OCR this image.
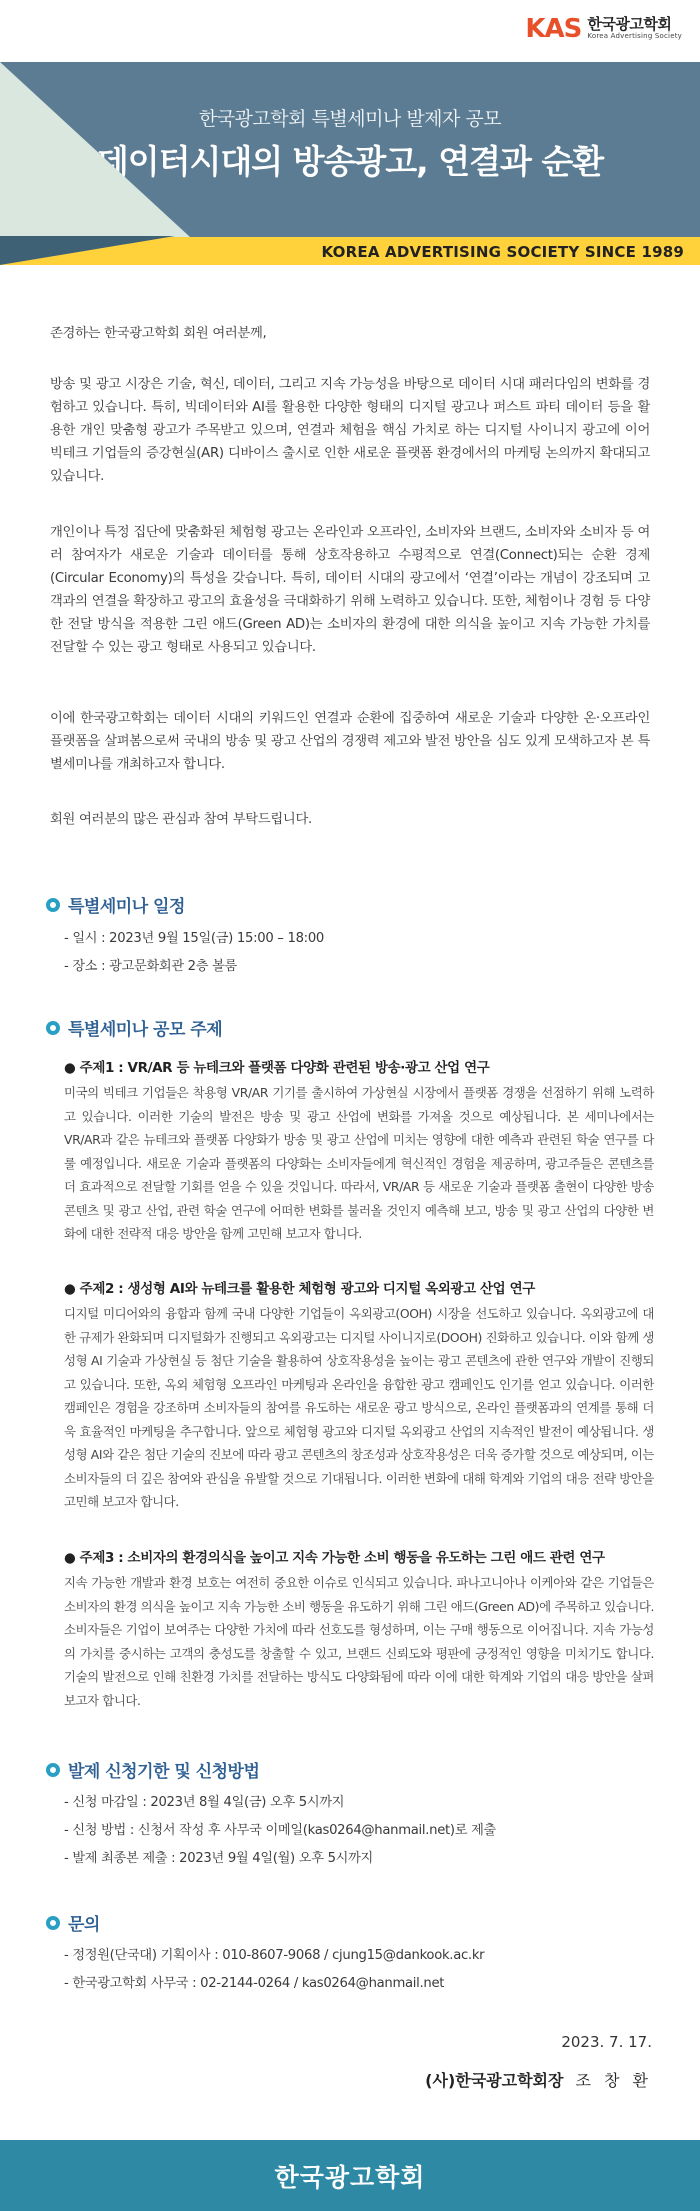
KAS 한국광고학회
Korea Advertising Society
한국광고학회 특별세미나 발제자 공모
데이터시대의 방송광고, 연결과 순환
KOREA ADVERTISING SOCIETY SINCE 1989
존경하는 한국광고학회 회원 여러분께,
방송 및 광고 시장은 기술, 혁신, 데이터, 그리고 지속 가능성을 바탕으로 데이터 시대 패러다임의 변화를 경험하고 있습니다. 특히, 빅데이터와 AI를 활용한 다양한 형태의 디지털 광고나 퍼스트 파티 데이터 등을 활용한 개인 맞춤형 광고가 주목받고 있으며, 연결과 체험을 핵심 가치로 하는 디지털 사이니지 광고에 이어 빅테크 기업들의 증강현실(AR) 디바이스 출시로 인한 새로운 플랫폼 환경에서의 마케팅 논의까지 확대되고 있습니다.
개인이나 특정 집단에 맞춤화된 체험형 광고는 온라인과 오프라인, 소비자와 브랜드, 소비자와 소비자 등 여러 참여자가 새로운 기술과 데이터를 통해 상호작용하고 수평적으로 연결(Connect)되는 순환 경제(Circular Economy)의 특성을 갖습니다. 특히, 데이터 시대의 광고에서 ‘연결’이라는 개념이 강조되며 고객과의 연결을 확장하고 광고의 효율성을 극대화하기 위해 노력하고 있습니다. 또한, 체험이나 경험 등 다양한 전달 방식을 적용한 그린 애드(Green AD)는 소비자의 환경에 대한 의식을 높이고 지속 가능한 가치를 전달할 수 있는 광고 형태로 사용되고 있습니다.
이에 한국광고학회는 데이터 시대의 키워드인 연결과 순환에 집중하여 새로운 기술과 다양한 온·오프라인 플랫폼을 살펴봄으로써 국내의 방송 및 광고 산업의 경쟁력 제고와 발전 방안을 심도 있게 모색하고자 본 특별세미나를 개최하고자 합니다.
회원 여러분의 많은 관심과 참여 부탁드립니다.
특별세미나 일정
- 일시 : 2023년 9월 15일(금) 15:00 – 18:00
- 장소 : 광고문화회관 2층 볼룸
특별세미나 공모 주제
● 주제1 : VR/AR 등 뉴테크와 플랫폼 다양화 관련된 방송·광고 산업 연구
미국의 빅테크 기업들은 착용형 VR/AR 기기를 출시하여 가상현실 시장에서 플랫폼 경쟁을 선점하기 위해 노력하고 있습니다. 이러한 기술의 발전은 방송 및 광고 산업에 변화를 가져올 것으로 예상됩니다. 본 세미나에서는 VR/AR과 같은 뉴테크와 플랫폼 다양화가 방송 및 광고 산업에 미치는 영향에 대한 예측과 관련된 학술 연구를 다룰 예정입니다. 새로운 기술과 플랫폼의 다양화는 소비자들에게 혁신적인 경험을 제공하며, 광고주들은 콘텐츠를 더 효과적으로 전달할 기회를 얻을 수 있을 것입니다. 따라서, VR/AR 등 새로운 기술과 플랫폼 출현이 다양한 방송 콘텐츠 및 광고 산업, 관련 학술 연구에 어떠한 변화를 불러올 것인지 예측해 보고, 방송 및 광고 산업의 다양한 변화에 대한 전략적 대응 방안을 함께 고민해 보고자 합니다.
● 주제2 : 생성형 AI와 뉴테크를 활용한 체험형 광고와 디지털 옥외광고 산업 연구
디지털 미디어와의 융합과 함께 국내 다양한 기업들이 옥외광고(OOH) 시장을 선도하고 있습니다. 옥외광고에 대한 규제가 완화되며 디지털화가 진행되고 옥외광고는 디지털 사이니지로(DOOH) 진화하고 있습니다. 이와 함께 생성형 AI 기술과 가상현실 등 첨단 기술을 활용하여 상호작용성을 높이는 광고 콘텐츠에 관한 연구와 개발이 진행되고 있습니다. 또한, 옥외 체험형 오프라인 마케팅과 온라인을 융합한 광고 캠페인도 인기를 얻고 있습니다. 이러한 캠페인은 경험을 강조하며 소비자들의 참여를 유도하는 새로운 광고 방식으로, 온라인 플랫폼과의 연계를 통해 더욱 효율적인 마케팅을 추구합니다. 앞으로 체험형 광고와 디지털 옥외광고 산업의 지속적인 발전이 예상됩니다. 생성형 AI와 같은 첨단 기술의 진보에 따라 광고 콘텐츠의 창조성과 상호작용성은 더욱 증가할 것으로 예상되며, 이는 소비자들의 더 깊은 참여와 관심을 유발할 것으로 기대됩니다. 이러한 변화에 대해 학계와 기업의 대응 전략 방안을 고민해 보고자 합니다.
● 주제3 : 소비자의 환경의식을 높이고 지속 가능한 소비 행동을 유도하는 그린 애드 관련 연구
지속 가능한 개발과 환경 보호는 여전히 중요한 이슈로 인식되고 있습니다. 파나고니아나 이케아와 같은 기업들은 소비자의 환경 의식을 높이고 지속 가능한 소비 행동을 유도하기 위해 그린 애드(Green AD)에 주목하고 있습니다. 소비자들은 기업이 보여주는 다양한 가치에 따라 선호도를 형성하며, 이는 구매 행동으로 이어집니다. 지속 가능성의 가치를 중시하는 고객의 충성도를 창출할 수 있고, 브랜드 신뢰도와 평판에 긍정적인 영향을 미치기도 합니다. 기술의 발전으로 인해 친환경 가치를 전달하는 방식도 다양화됨에 따라 이에 대한 학계와 기업의 대응 방안을 살펴보고자 합니다.
발제 신청기한 및 신청방법
- 신청 마감일 : 2023년 8월 4일(금) 오후 5시까지
- 신청 방법 : 신청서 작성 후 사무국 이메일(kas0264@hanmail.net)로 제출
- 발제 최종본 제출 : 2023년 9월 4일(월) 오후 5시까지
문의
- 정정원(단국대) 기획이사 : 010-8607-9068 / cjung15@dankook.ac.kr
- 한국광고학회 사무국 : 02-2144-0264 / kas0264@hanmail.net
2023. 7. 17.
(사)한국광고학회장 조 창 환
한국광고학회
